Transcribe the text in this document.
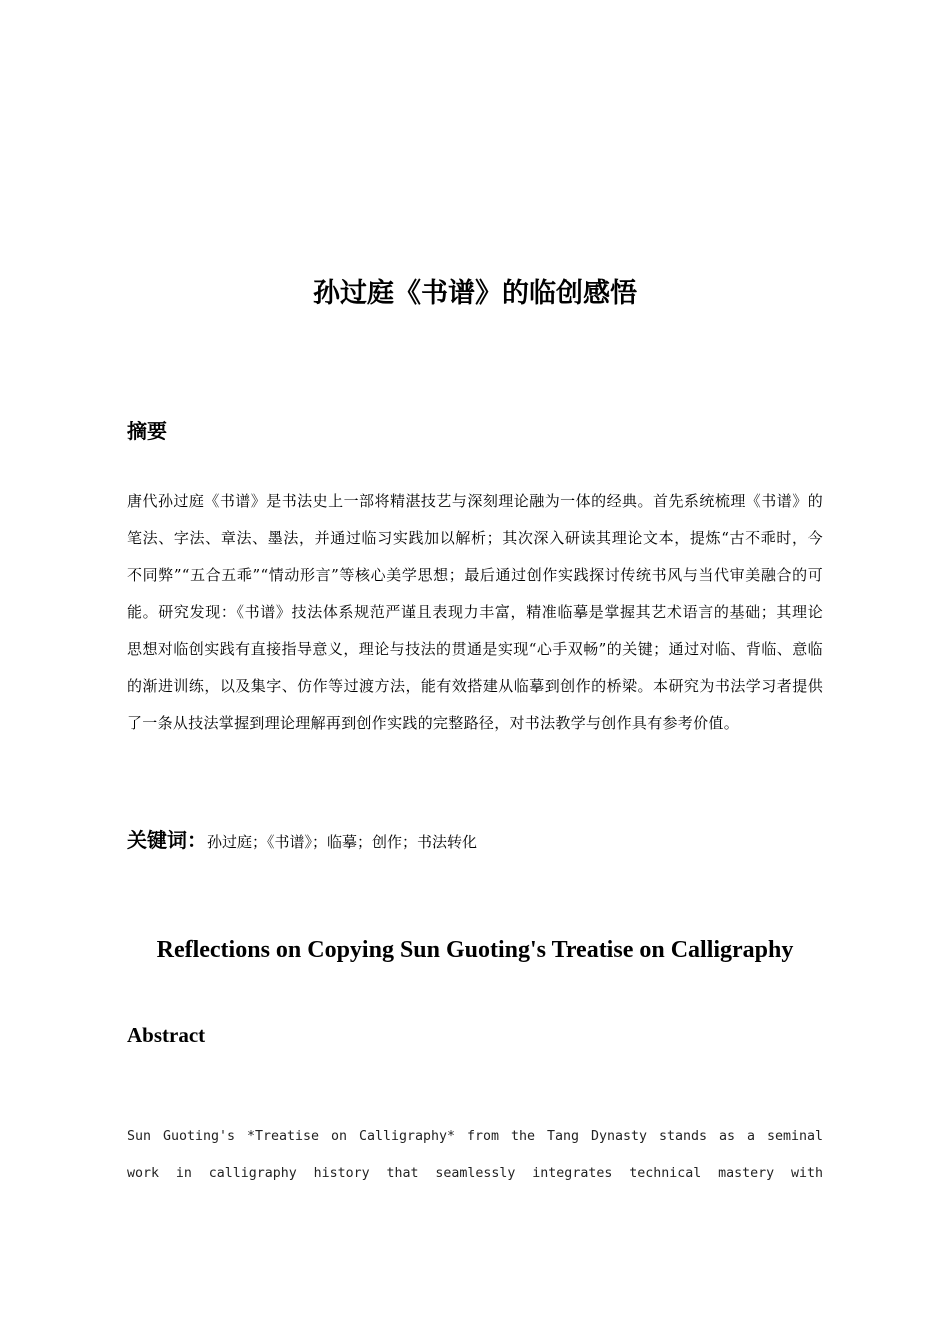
孙过庭《书谱》的临创感悟
摘要
唐代孙过庭《书谱》是书法史上一部将精湛技艺与深刻理论融为一体的经典。首先系统梳理《书谱》的笔法、字法、章法、墨法，并通过临习实践加以解析；其次深入研读其理论文本，提炼“古不乖时，今不同弊”“五合五乖”“情动形言”等核心美学思想；最后通过创作实践探讨传统书风与当代审美融合的可能。研究发现：《书谱》技法体系规范严谨且表现力丰富，精准临摹是掌握其艺术语言的基础；其理论思想对临创实践有直接指导意义，理论与技法的贯通是实现“心手双畅”的关键；通过对临、背临、意临的渐进训练，以及集字、仿作等过渡方法，能有效搭建从临摹到创作的桥梁。本研究为书法学习者提供了一条从技法掌握到理论理解再到创作实践的完整路径，对书法教学与创作具有参考价值。
关键词：孙过庭；《书谱》；临摹；创作；书法转化
Reflections on Copying Sun Guoting's Treatise on Calligraphy
Abstract
Sun Guoting's *Treatise on Calligraphy* from the Tang Dynasty stands as a seminal
work in calligraphy history that seamlessly integrates technical mastery with
